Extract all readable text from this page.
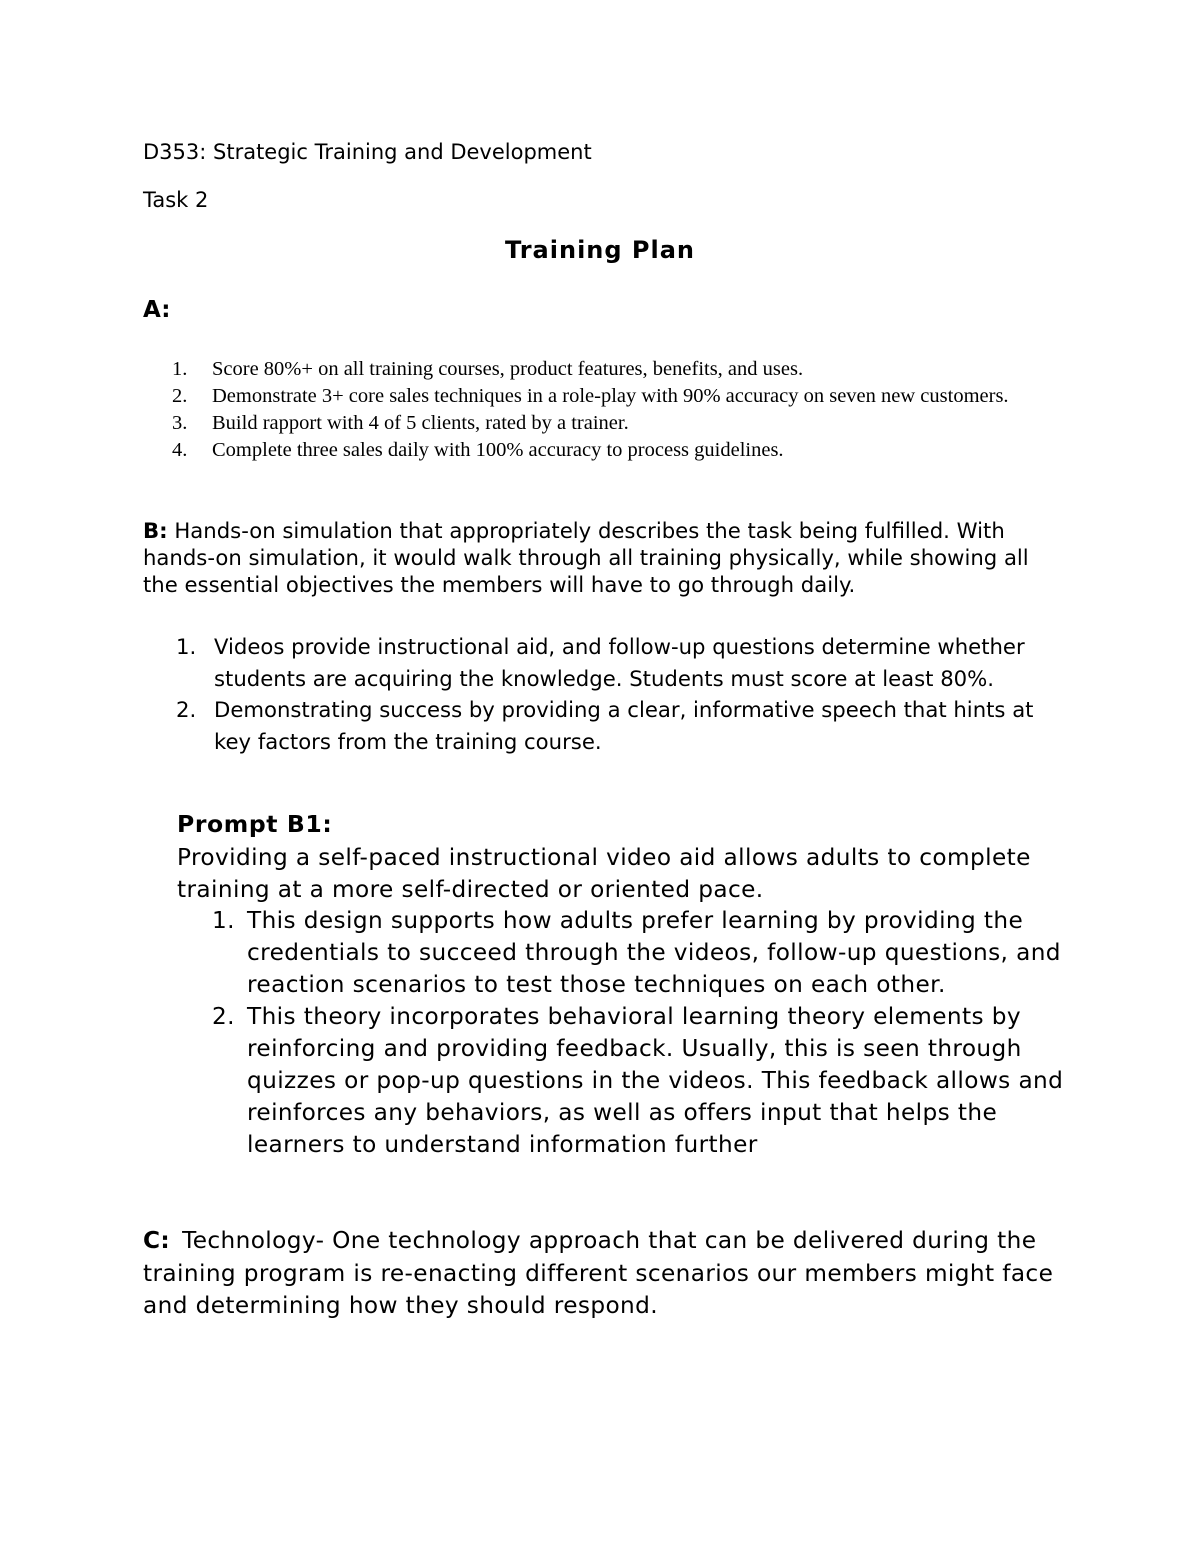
D353: Strategic Training and Development
Task 2
Training Plan
A:
1. Score 80%+ on all training courses, product features, benefits, and uses.
2. Demonstrate 3+ core sales techniques in a role-play with 90% accuracy on seven new customers.
3. Build rapport with 4 of 5 clients, rated by a trainer.
4. Complete three sales daily with 100% accuracy to process guidelines.
B: Hands-on simulation that appropriately describes the task being fulfilled. With hands-on simulation, it would walk through all training physically, while showing all the essential objectives the members will have to go through daily.
1. Videos provide instructional aid, and follow-up questions determine whether students are acquiring the knowledge. Students must score at least 80%.
2. Demonstrating success by providing a clear, informative speech that hints at key factors from the training course.
Prompt B1:
Providing a self-paced instructional video aid allows adults to complete training at a more self-directed or oriented pace.
1. This design supports how adults prefer learning by providing the credentials to succeed through the videos, follow-up questions, and reaction scenarios to test those techniques on each other.
2. This theory incorporates behavioral learning theory elements by reinforcing and providing feedback. Usually, this is seen through quizzes or pop-up questions in the videos. This feedback allows and reinforces any behaviors, as well as offers input that helps the learners to understand information further
C: Technology- One technology approach that can be delivered during the training program is re-enacting different scenarios our members might face and determining how they should respond.
